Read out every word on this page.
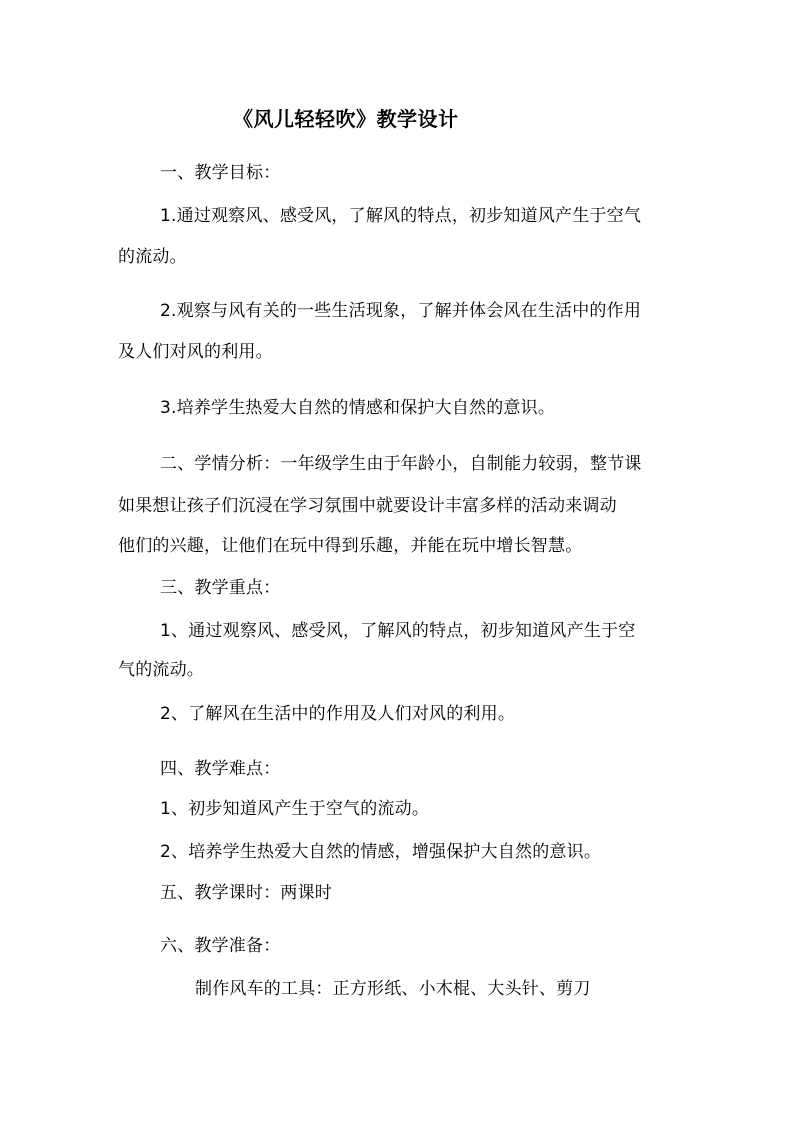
《风儿轻轻吹》教学设计
一、教学目标：
1.通过观察风、感受风，了解风的特点，初步知道风产生于空气
的流动。
2.观察与风有关的一些生活现象，了解并体会风在生活中的作用
及人们对风的利用。
3.培养学生热爱大自然的情感和保护大自然的意识。
二、学情分析：一年级学生由于年龄小，自制能力较弱，整节课
如果想让孩子们沉浸在学习氛围中就要设计丰富多样的活动来调动
他们的兴趣，让他们在玩中得到乐趣，并能在玩中增长智慧。
三、教学重点：
1、通过观察风、感受风，了解风的特点，初步知道风产生于空
气的流动。
2、了解风在生活中的作用及人们对风的利用。
四、教学难点：
1、初步知道风产生于空气的流动。
2、培养学生热爱大自然的情感，增强保护大自然的意识。
五、教学课时：两课时
六、教学准备：
制作风车的工具：正方形纸、小木棍、大头针、剪刀
